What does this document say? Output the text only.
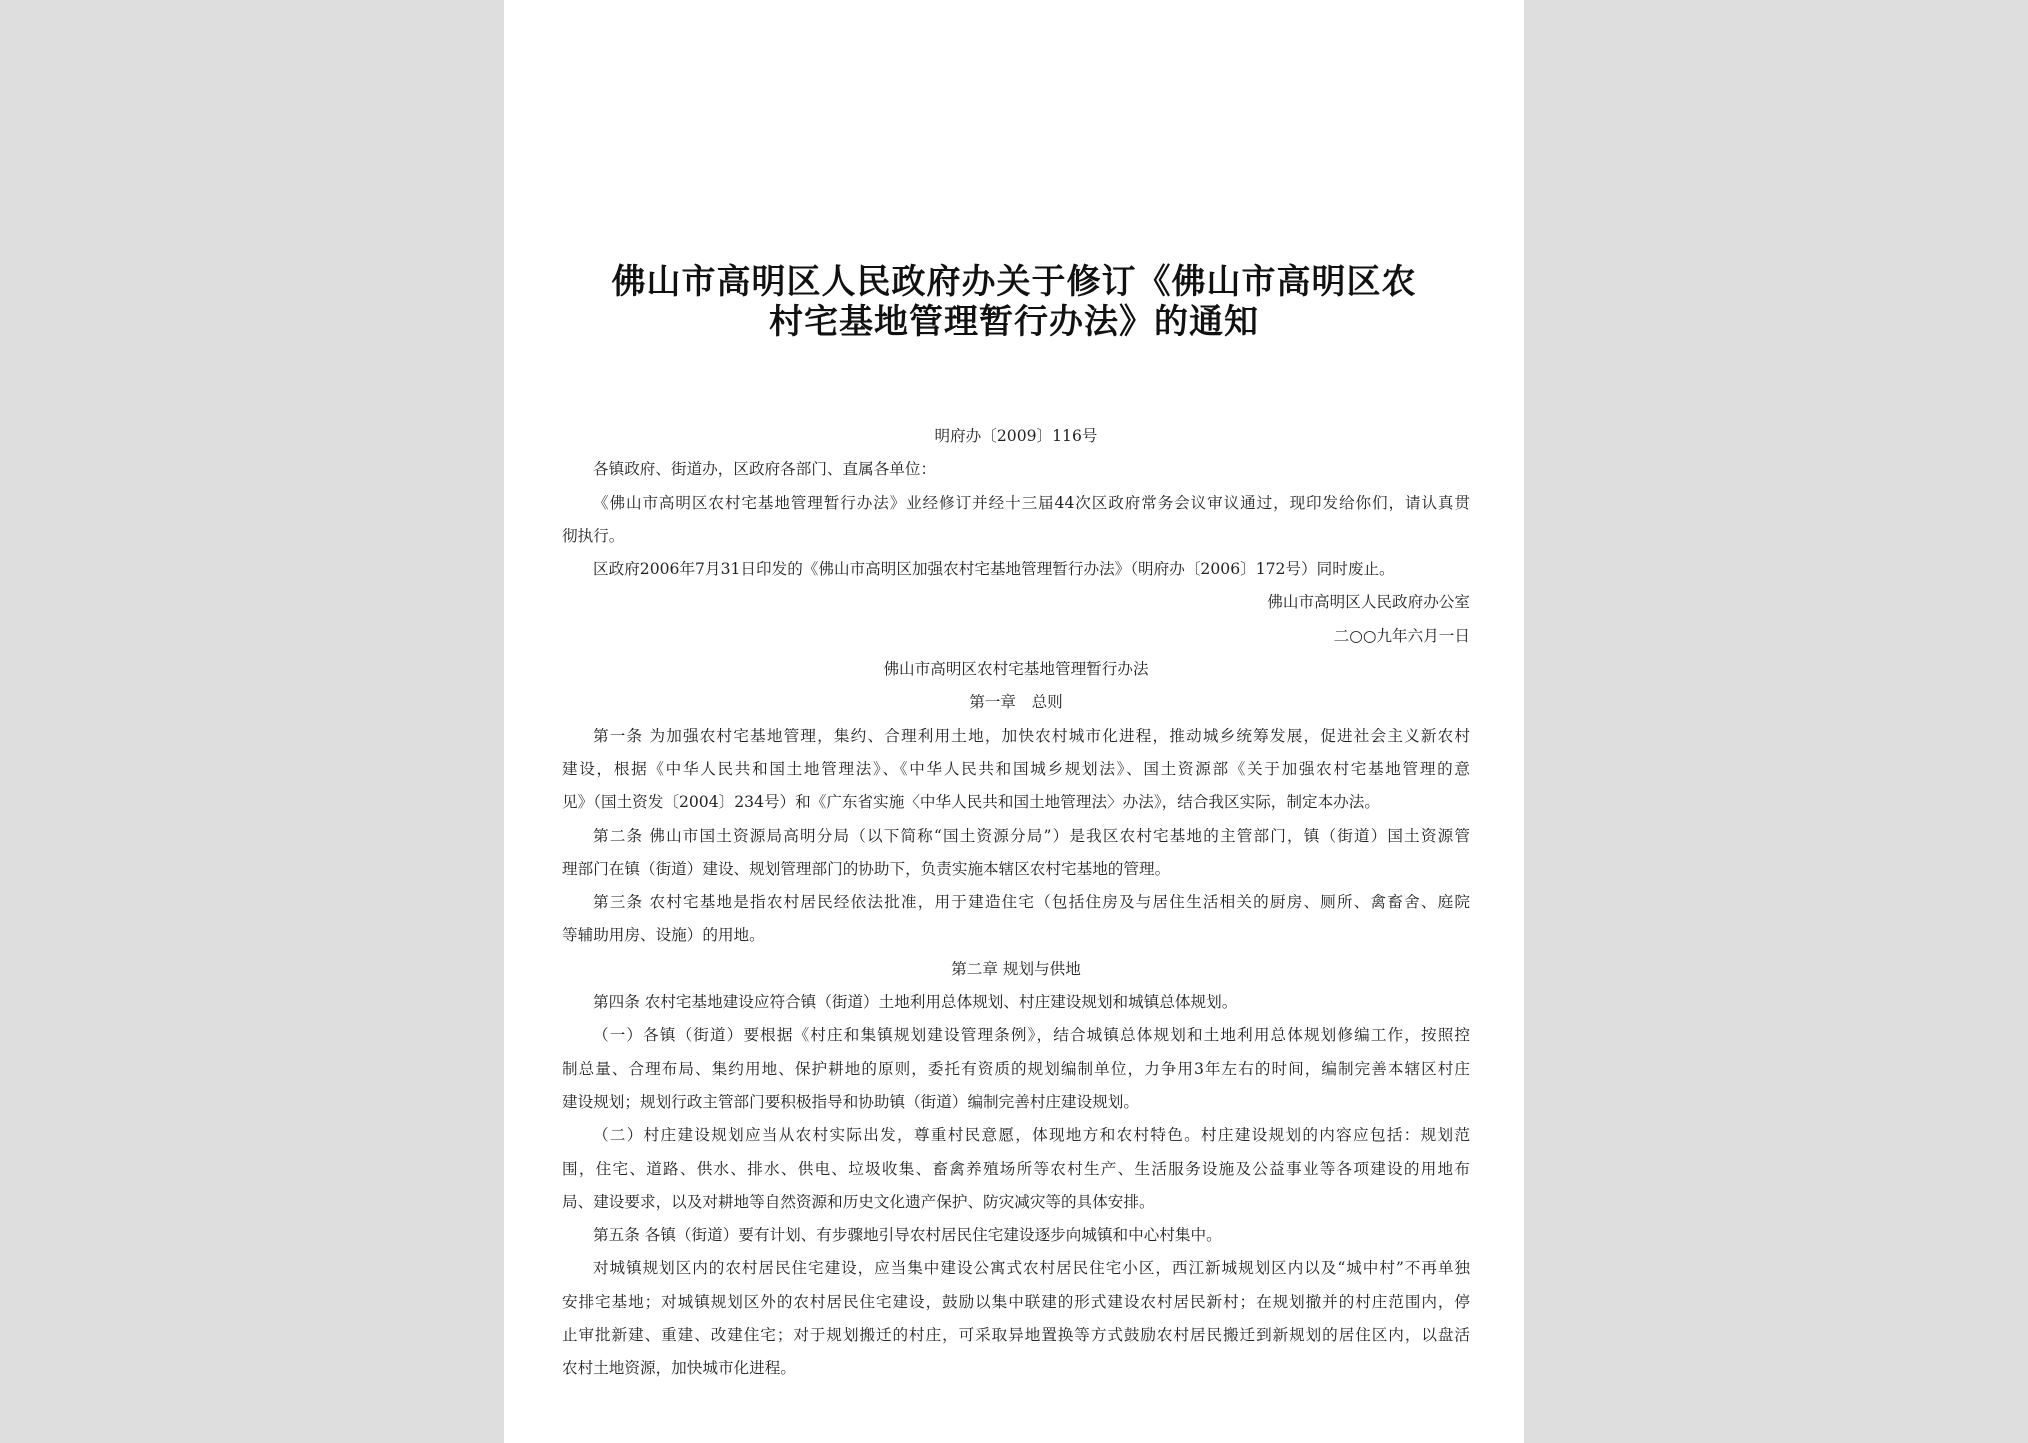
佛山市高明区人民政府办关于修订《佛山市高明区农
村宅基地管理暂行办法》的通知
明府办〔2009〕116号
各镇政府、街道办，区政府各部门、直属各单位：
《佛山市高明区农村宅基地管理暂行办法》业经修订并经十三届44次区政府常务会议审议通过，现印发给你们，请认真贯
彻执行。
区政府2006年7月31日印发的《佛山市高明区加强农村宅基地管理暂行办法》（明府办〔2006〕172号）同时废止。
佛山市高明区人民政府办公室
二○○九年六月一日
佛山市高明区农村宅基地管理暂行办法
第一章　总则
第一条 为加强农村宅基地管理，集约、合理利用土地，加快农村城市化进程，推动城乡统筹发展，促进社会主义新农村
建设，根据《中华人民共和国土地管理法》、《中华人民共和国城乡规划法》、国土资源部《关于加强农村宅基地管理的意
见》（国土资发〔2004〕234号）和《广东省实施〈中华人民共和国土地管理法〉办法》，结合我区实际，制定本办法。
第二条 佛山市国土资源局高明分局（以下简称“国土资源分局”）是我区农村宅基地的主管部门，镇（街道）国土资源管
理部门在镇（街道）建设、规划管理部门的协助下，负责实施本辖区农村宅基地的管理。
第三条 农村宅基地是指农村居民经依法批准，用于建造住宅（包括住房及与居住生活相关的厨房、厕所、禽畜舍、庭院
等辅助用房、设施）的用地。
第二章 规划与供地
第四条 农村宅基地建设应符合镇（街道）土地利用总体规划、村庄建设规划和城镇总体规划。
（一）各镇（街道）要根据《村庄和集镇规划建设管理条例》，结合城镇总体规划和土地利用总体规划修编工作，按照控
制总量、合理布局、集约用地、保护耕地的原则，委托有资质的规划编制单位，力争用3年左右的时间，编制完善本辖区村庄
建设规划；规划行政主管部门要积极指导和协助镇（街道）编制完善村庄建设规划。
（二）村庄建设规划应当从农村实际出发，尊重村民意愿，体现地方和农村特色。村庄建设规划的内容应包括：规划范
围，住宅、道路、供水、排水、供电、垃圾收集、畜禽养殖场所等农村生产、生活服务设施及公益事业等各项建设的用地布
局、建设要求，以及对耕地等自然资源和历史文化遗产保护、防灾减灾等的具体安排。
第五条 各镇（街道）要有计划、有步骤地引导农村居民住宅建设逐步向城镇和中心村集中。
对城镇规划区内的农村居民住宅建设，应当集中建设公寓式农村居民住宅小区，西江新城规划区内以及“城中村”不再单独
安排宅基地；对城镇规划区外的农村居民住宅建设，鼓励以集中联建的形式建设农村居民新村；在规划撤并的村庄范围内，停
止审批新建、重建、改建住宅；对于规划搬迁的村庄，可采取异地置换等方式鼓励农村居民搬迁到新规划的居住区内，以盘活
农村土地资源，加快城市化进程。
